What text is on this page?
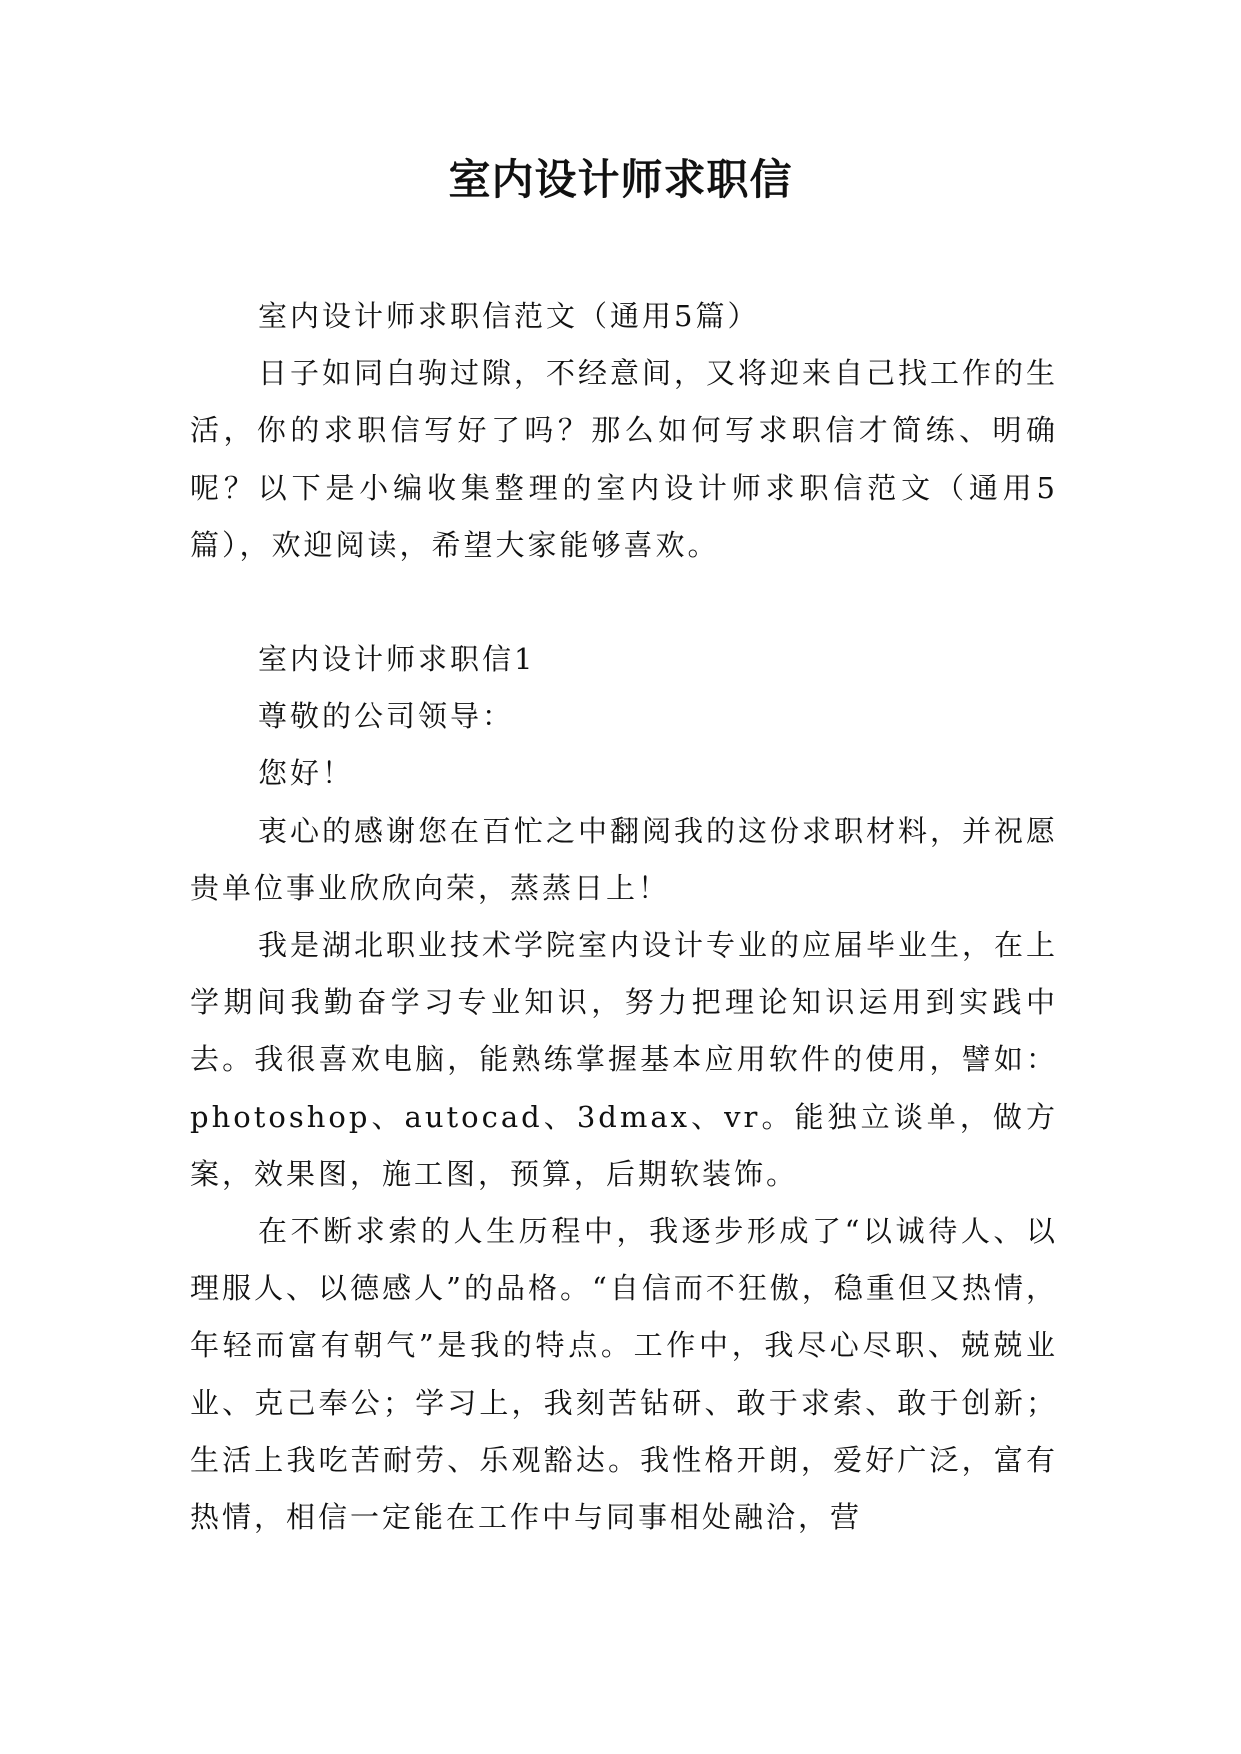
室内设计师求职信

室内设计师求职信范文（通用5篇）

日子如同白驹过隙，不经意间，又将迎来自己找工作的生活，你的求职信写好了吗？那么如何写求职信才简练、明确呢？以下是小编收集整理的室内设计师求职信范文（通用5篇），欢迎阅读，希望大家能够喜欢。

室内设计师求职信1

尊敬的公司领导：

您好！

衷心的感谢您在百忙之中翻阅我的这份求职材料，并祝愿贵单位事业欣欣向荣，蒸蒸日上！

我是湖北职业技术学院室内设计专业的应届毕业生，在上学期间我勤奋学习专业知识，努力把理论知识运用到实践中去。我很喜欢电脑，能熟练掌握基本应用软件的使用，譬如：photoshop、autocad、3dmax、vr。能独立谈单，做方案，效果图，施工图，预算，后期软装饰。

在不断求索的人生历程中，我逐步形成了“以诚待人、以理服人、以德感人”的品格。“自信而不狂傲，稳重但又热情，年轻而富有朝气”是我的特点。工作中，我尽心尽职、兢兢业业、克己奉公；学习上，我刻苦钻研、敢于求索、敢于创新；生活上我吃苦耐劳、乐观豁达。我性格开朗，爱好广泛，富有热情，相信一定能在工作中与同事相处融洽，营
